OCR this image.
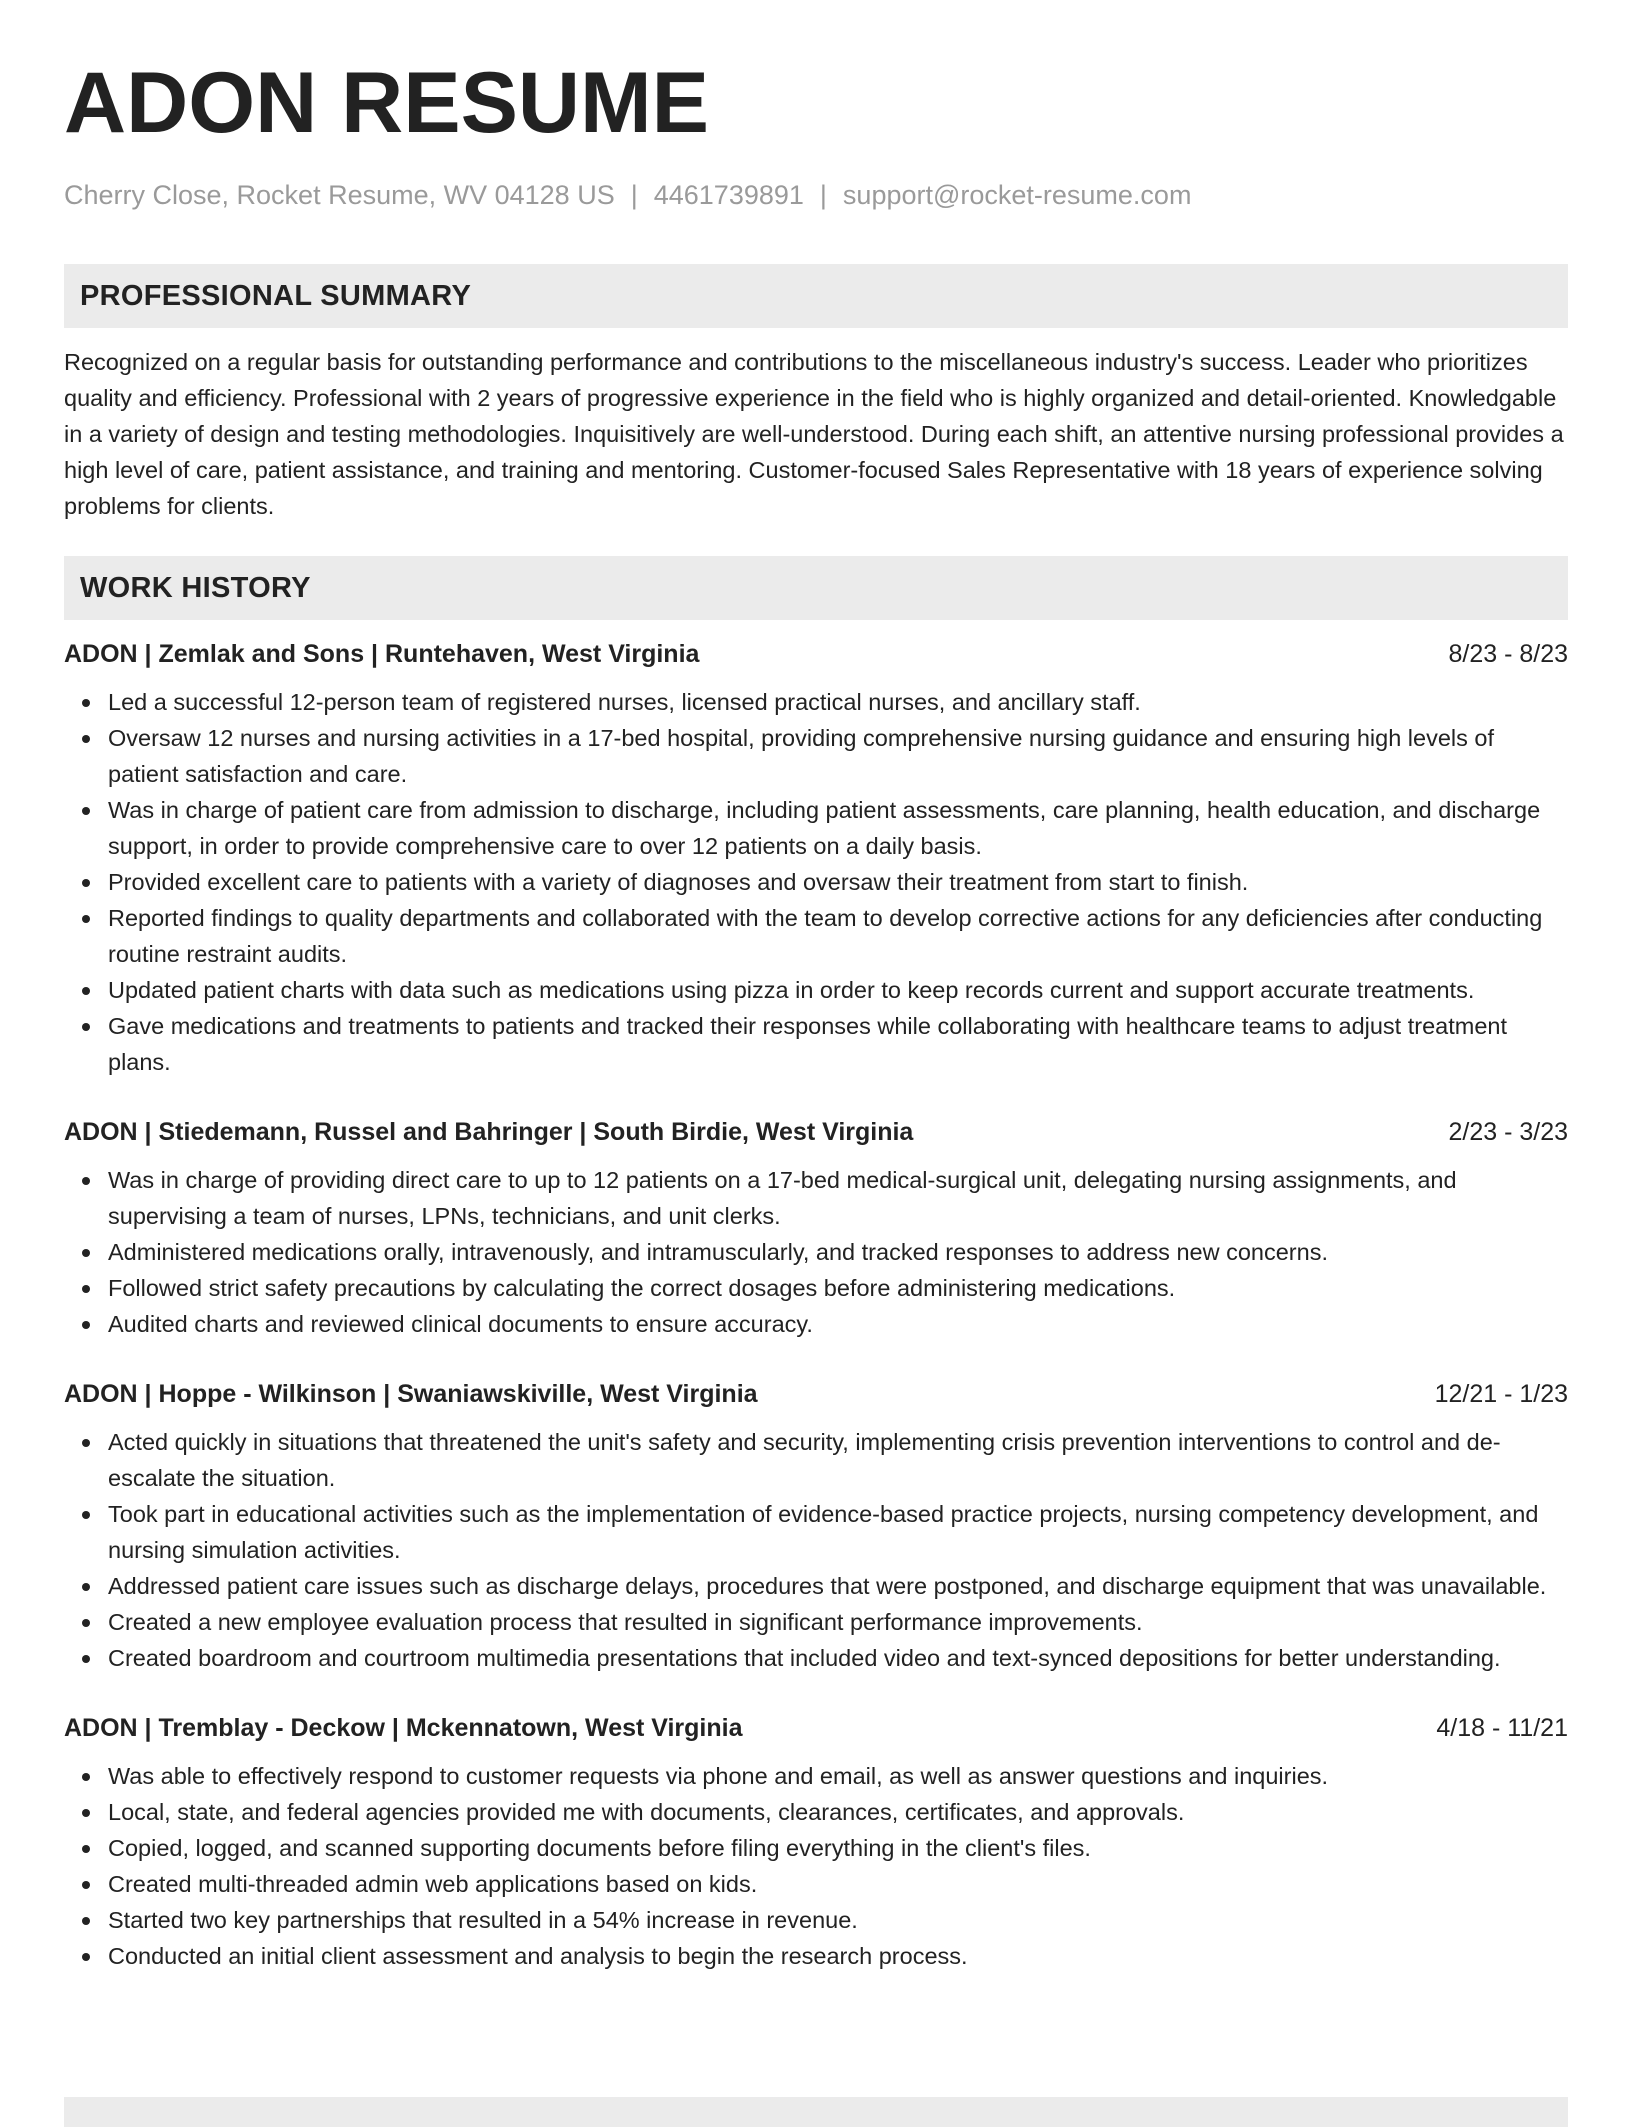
ADON RESUME
Cherry Close, Rocket Resume, WV 04128 US | 4461739891 | support@rocket-resume.com
PROFESSIONAL SUMMARY

Recognized on a regular basis for outstanding performance and contributions to the miscellaneous industry's success. Leader who prioritizes quality and efficiency. Professional with 2 years of progressive experience in the field who is highly organized and detail-oriented. Knowledgable in a variety of design and testing methodologies. Inquisitively are well-understood. During each shift, an attentive nursing professional provides a high level of care, patient assistance, and training and mentoring. Customer-focused Sales Representative with 18 years of experience solving problems for clients.

WORK HISTORY
ADON | Zemlak and Sons | Runtehaven, West Virginia	8/23 - 8/23
Led a successful 12-person team of registered nurses, licensed practical nurses, and ancillary staff.
Oversaw 12 nurses and nursing activities in a 17-bed hospital, providing comprehensive nursing guidance and ensuring high levels of patient satisfaction and care.
Was in charge of patient care from admission to discharge, including patient assessments, care planning, health education, and discharge support, in order to provide comprehensive care to over 12 patients on a daily basis.
Provided excellent care to patients with a variety of diagnoses and oversaw their treatment from start to finish.
Reported findings to quality departments and collaborated with the team to develop corrective actions for any deficiencies after conducting routine restraint audits.
Updated patient charts with data such as medications using pizza in order to keep records current and support accurate treatments.
Gave medications and treatments to patients and tracked their responses while collaborating with healthcare teams to adjust treatment plans.
ADON | Stiedemann, Russel and Bahringer | South Birdie, West Virginia	2/23 - 3/23
Was in charge of providing direct care to up to 12 patients on a 17-bed medical-surgical unit, delegating nursing assignments, and supervising a team of nurses, LPNs, technicians, and unit clerks.
Administered medications orally, intravenously, and intramuscularly, and tracked responses to address new concerns.
Followed strict safety precautions by calculating the correct dosages before administering medications.
Audited charts and reviewed clinical documents to ensure accuracy.
ADON | Hoppe - Wilkinson | Swaniawskiville, West Virginia	12/21 - 1/23
Acted quickly in situations that threatened the unit's safety and security, implementing crisis prevention interventions to control and de-escalate the situation.
Took part in educational activities such as the implementation of evidence-based practice projects, nursing competency development, and nursing simulation activities.
Addressed patient care issues such as discharge delays, procedures that were postponed, and discharge equipment that was unavailable.
Created a new employee evaluation process that resulted in significant performance improvements.
Created boardroom and courtroom multimedia presentations that included video and text-synced depositions for better understanding.
ADON | Tremblay - Deckow | Mckennatown, West Virginia	4/18 - 11/21
Was able to effectively respond to customer requests via phone and email, as well as answer questions and inquiries.
Local, state, and federal agencies provided me with documents, clearances, certificates, and approvals.
Copied, logged, and scanned supporting documents before filing everything in the client's files.
Created multi-threaded admin web applications based on kids.
Started two key partnerships that resulted in a 54% increase in revenue.
Conducted an initial client assessment and analysis to begin the research process.
